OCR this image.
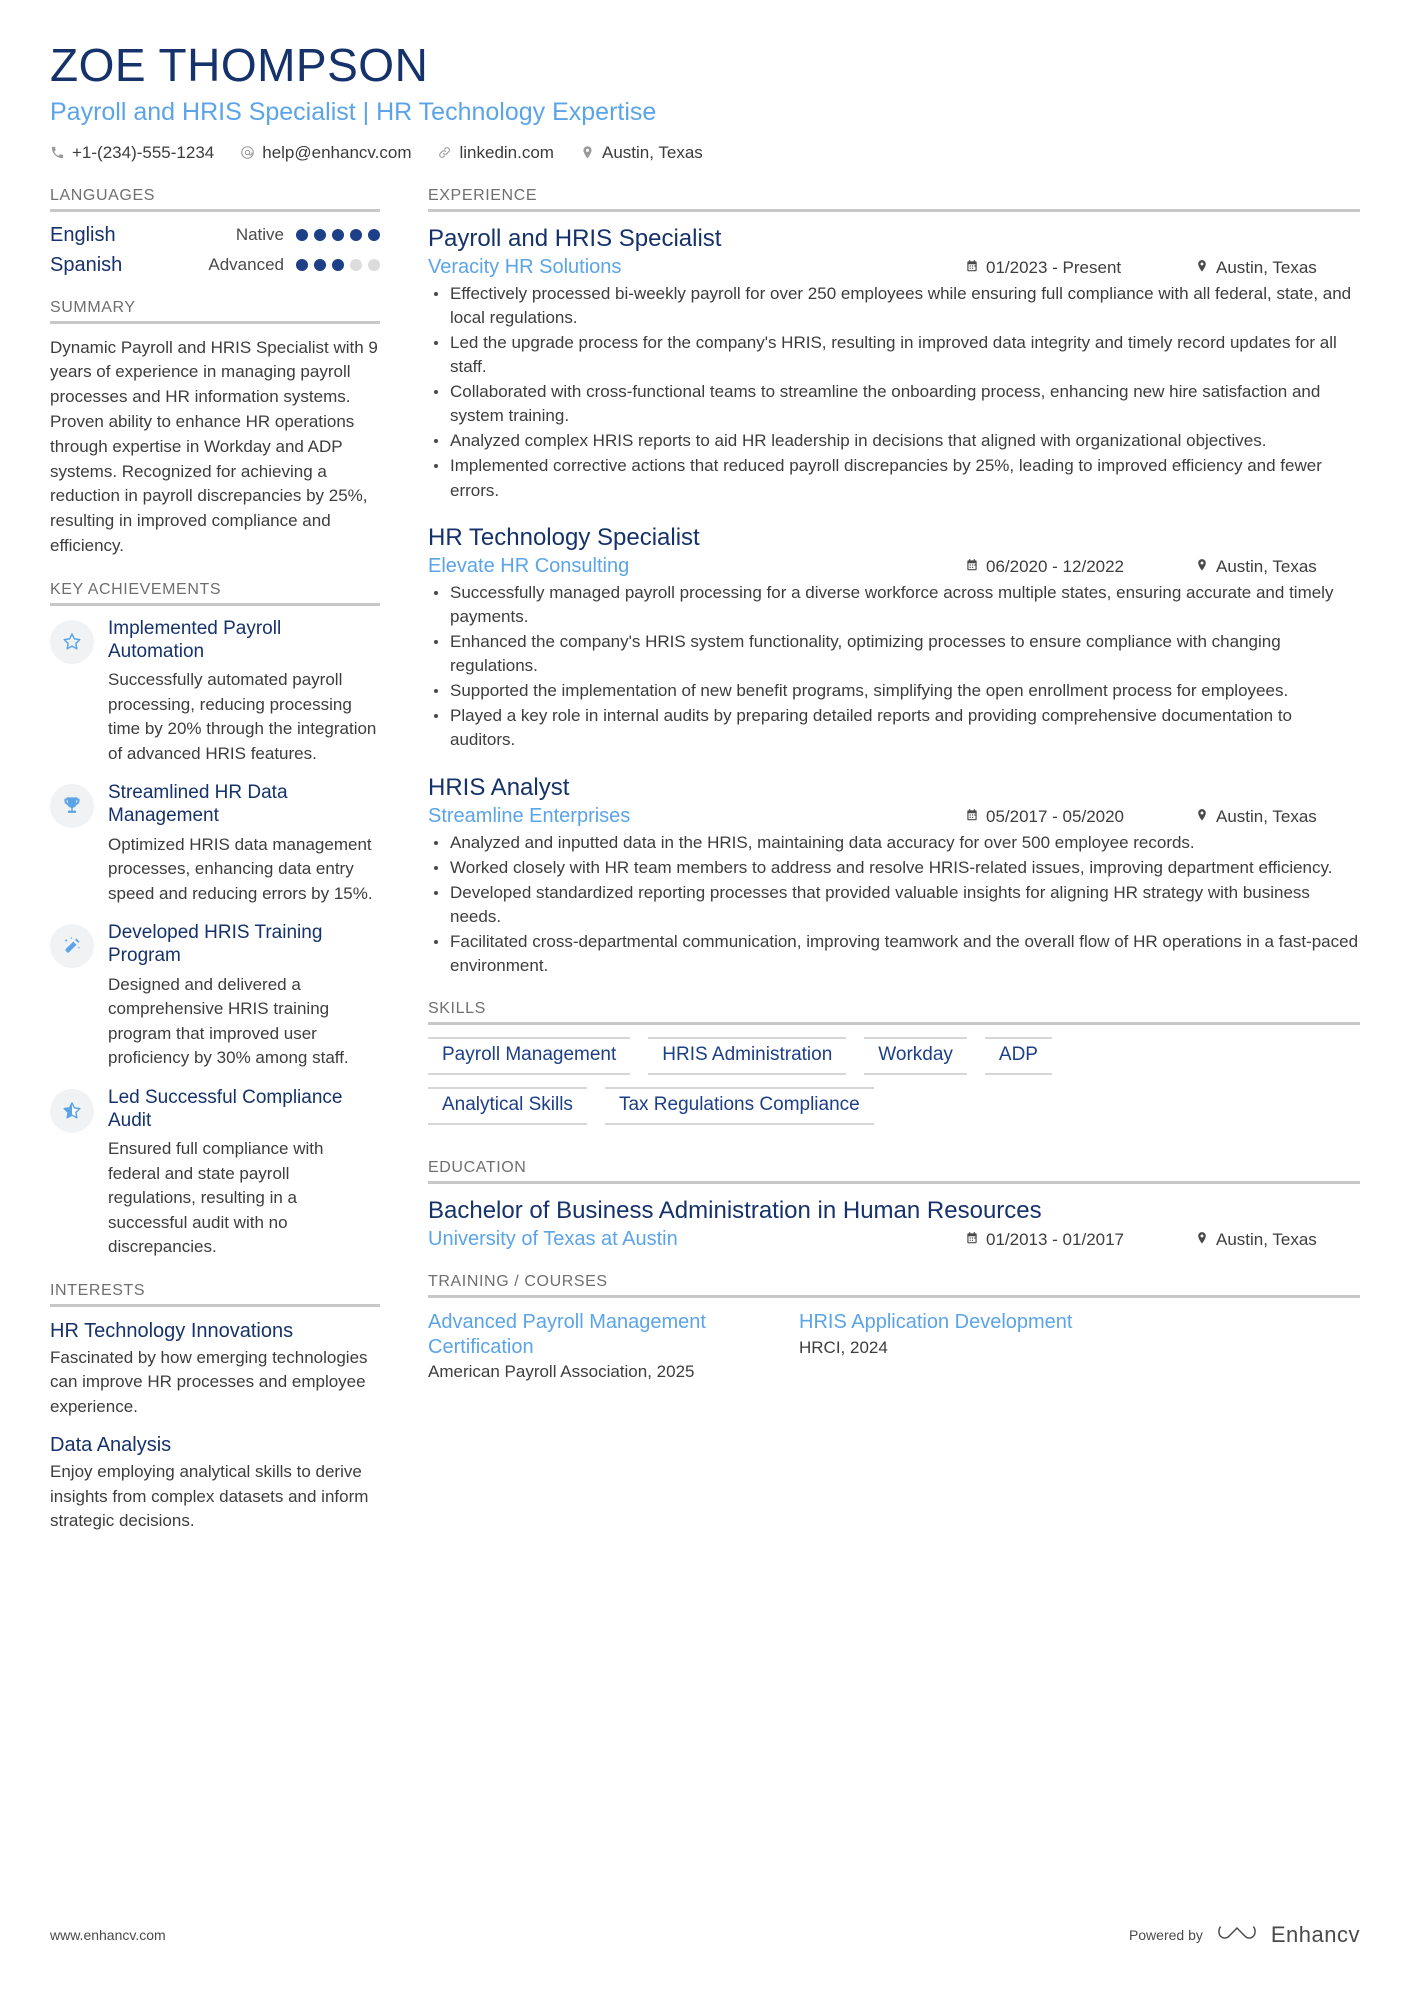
ZOE THOMPSON
Payroll and HRIS Specialist | HR Technology Expertise
+1-(234)-555-1234	help@enhancv.com	linkedin.com	Austin, Texas
LANGUAGES
English	Native
Spanish	Advanced
SUMMARY
Dynamic Payroll and HRIS Specialist with 9 years of experience in managing payroll processes and HR information systems. Proven ability to enhance HR operations through expertise in Workday and ADP systems. Recognized for achieving a reduction in payroll discrepancies by 25%, resulting in improved compliance and efficiency.
KEY ACHIEVEMENTS
Implemented Payroll Automation
Successfully automated payroll processing, reducing processing time by 20% through the integration of advanced HRIS features.
Streamlined HR Data Management
Optimized HRIS data management processes, enhancing data entry speed and reducing errors by 15%.
Developed HRIS Training Program
Designed and delivered a comprehensive HRIS training program that improved user proficiency by 30% among staff.
Led Successful Compliance Audit
Ensured full compliance with federal and state payroll regulations, resulting in a successful audit with no discrepancies.
INTERESTS
HR Technology Innovations
Fascinated by how emerging technologies can improve HR processes and employee experience.
Data Analysis
Enjoy employing analytical skills to derive insights from complex datasets and inform strategic decisions.
EXPERIENCE
Payroll and HRIS Specialist
Veracity HR Solutions	01/2023 - Present	Austin, Texas
Effectively processed bi-weekly payroll for over 250 employees while ensuring full compliance with all federal, state, and local regulations.
Led the upgrade process for the company's HRIS, resulting in improved data integrity and timely record updates for all staff.
Collaborated with cross-functional teams to streamline the onboarding process, enhancing new hire satisfaction and system training.
Analyzed complex HRIS reports to aid HR leadership in decisions that aligned with organizational objectives.
Implemented corrective actions that reduced payroll discrepancies by 25%, leading to improved efficiency and fewer errors.
HR Technology Specialist
Elevate HR Consulting	06/2020 - 12/2022	Austin, Texas
Successfully managed payroll processing for a diverse workforce across multiple states, ensuring accurate and timely payments.
Enhanced the company's HRIS system functionality, optimizing processes to ensure compliance with changing regulations.
Supported the implementation of new benefit programs, simplifying the open enrollment process for employees.
Played a key role in internal audits by preparing detailed reports and providing comprehensive documentation to auditors.
HRIS Analyst
Streamline Enterprises	05/2017 - 05/2020	Austin, Texas
Analyzed and inputted data in the HRIS, maintaining data accuracy for over 500 employee records.
Worked closely with HR team members to address and resolve HRIS-related issues, improving department efficiency.
Developed standardized reporting processes that provided valuable insights for aligning HR strategy with business needs.
Facilitated cross-departmental communication, improving teamwork and the overall flow of HR operations in a fast-paced environment.
SKILLS
Payroll Management	HRIS Administration	Workday	ADP
Analytical Skills	Tax Regulations Compliance
EDUCATION
Bachelor of Business Administration in Human Resources
University of Texas at Austin	01/2013 - 01/2017	Austin, Texas
TRAINING / COURSES
Advanced Payroll Management Certification
American Payroll Association, 2025
HRIS Application Development
HRCI, 2024
www.enhancv.com	Powered by	Enhancv
